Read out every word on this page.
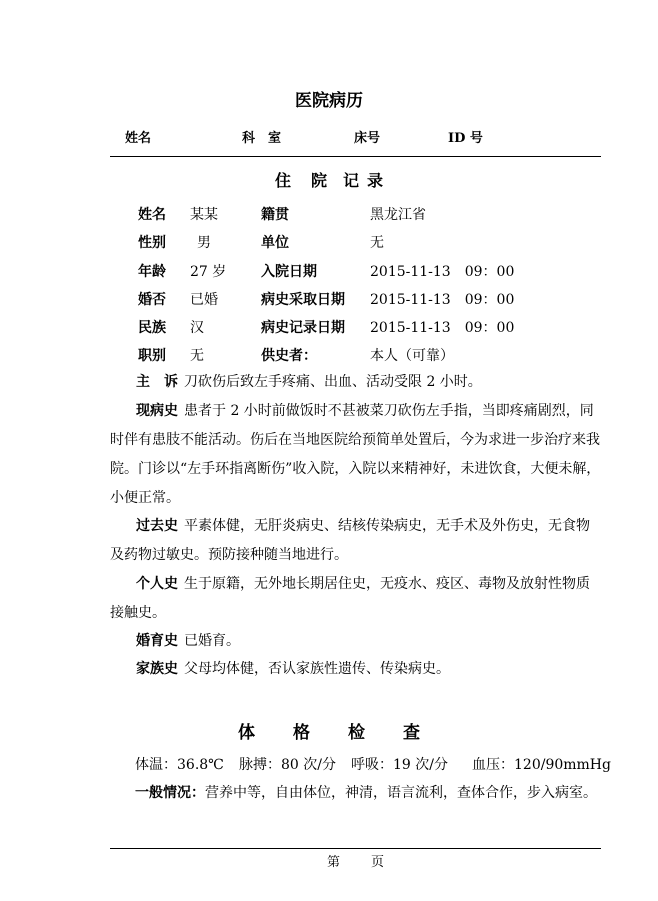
医院病历
姓名	科　室	床号	ID 号
住 院 记 录
姓名 某某	籍贯	黑龙江省
性别 男	单位	无
年龄 27 岁 入院日期	2015-11-13　09：00
婚否 已婚	病史采取日期 2015-11-13　09：00
民族 汉	病史记录日期 2015-11-13　09：00
职别 无	供史者：	本人（可靠）
主　诉 刀砍伤后致左手疼痛、出血、活动受限 2 小时。
现病史 患者于 2 小时前做饭时不甚被菜刀砍伤左手指，当即疼痛剧烈，同时伴有患肢不能活动。伤后在当地医院给预简单处置后，今为求进一步治疗来我院。门诊以“左手环指离断伤”收入院，入院以来精神好，未进饮食，大便未解，小便正常。
过去史 平素体健，无肝炎病史、结核传染病史，无手术及外伤史，无食物及药物过敏史。预防接种随当地进行。
个人史 生于原籍，无外地长期居住史，无疫水、疫区、毒物及放射性物质接触史。
婚育史 已婚育。
家族史 父母均体健，否认家族性遗传、传染病史。
体 格 检 查
体温：36.8℃ 脉搏：80 次/分 呼吸：19 次/分 血压：120/90mmHg
一般情况：营养中等，自由体位，神清，语言流利，查体合作，步入病室。
第 页
